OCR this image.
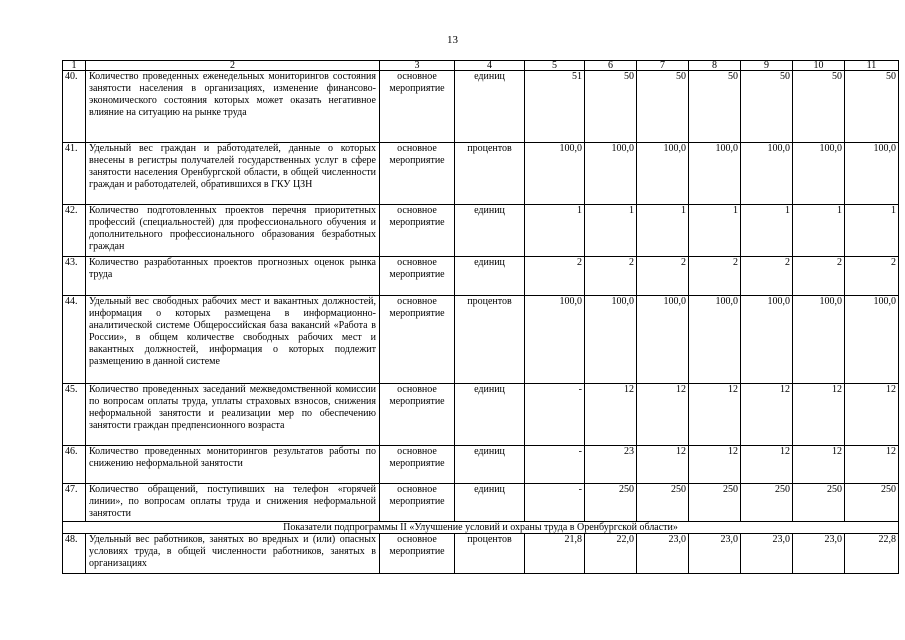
13
1	2	3	4	5	6	7	8	9	10	11
40.	Количество проведенных еженедельных мониторингов состояния занятости населения в организациях, изменение финансово-экономического состояния которых может оказать негативное влияние на ситуацию на рынке труда	основное мероприятие	единиц	51	50	50	50	50	50	50
41.	Удельный вес граждан и работодателей, данные о которых внесены в регистры получателей государственных услуг в сфере занятости населения Оренбургской области, в общей численности граждан и работодателей, обратившихся в ГКУ ЦЗН	основное мероприятие	процентов	100,0	100,0	100,0	100,0	100,0	100,0	100,0
42.	Количество подготовленных проектов перечня приоритетных профессий (специальностей) для профессионального обучения и дополнительного профессионального образования безработных граждан	основное мероприятие	единиц	1	1	1	1	1	1	1
43.	Количество разработанных проектов прогнозных оценок рынка труда	основное мероприятие	единиц	2	2	2	2	2	2	2
44.	Удельный вес свободных рабочих мест и вакантных должностей, информация о которых размещена в информационно-аналитической системе Общероссийская база вакансий «Работа в России», в общем количестве свободных рабочих мест и вакантных должностей, информация о которых подлежит размещению в данной системе	основное мероприятие	процентов	100,0	100,0	100,0	100,0	100,0	100,0	100,0
45.	Количество проведенных заседаний межведомственной комиссии по вопросам оплаты труда, уплаты страховых взносов, снижения неформальной занятости и реализации мер по обеспечению занятости граждан предпенсионного возраста	основное мероприятие	единиц	-	12	12	12	12	12	12
46.	Количество проведенных мониторингов результатов работы по снижению неформальной занятости	основное мероприятие	единиц	-	23	12	12	12	12	12
47.	Количество обращений, поступивших на телефон «горячей линии», по вопросам оплаты труда и снижения неформальной занятости	основное мероприятие	единиц	-	250	250	250	250	250	250
Показатели подпрограммы II «Улучшение условий и охраны труда в Оренбургской области»										
48.	Удельный вес работников, занятых во вредных и (или) опасных условиях труда, в общей численности работников, занятых в организациях	основное мероприятие	процентов	21,8	22,0	23,0	23,0	23,0	23,0	22,8
